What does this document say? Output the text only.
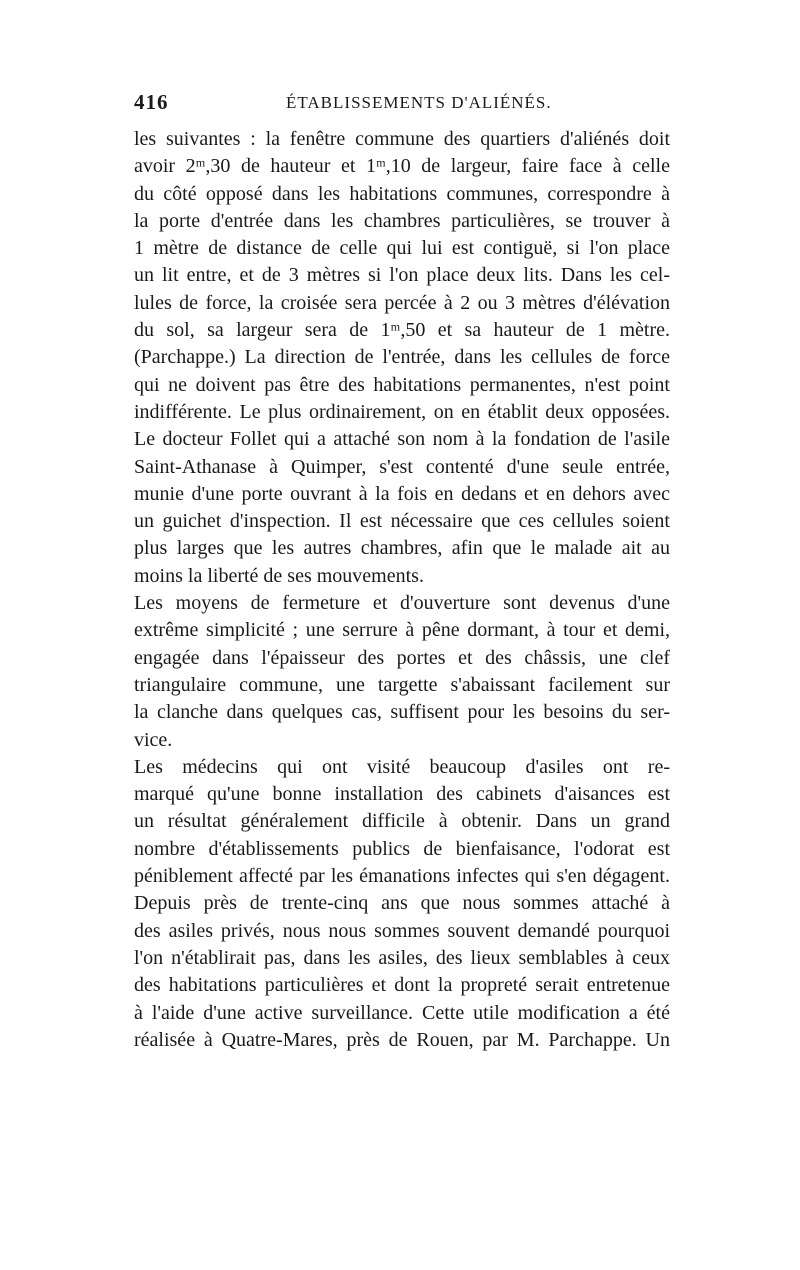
416	ÉTABLISSEMENTS D'ALIÉNÉS.
les suivantes : la fenêtre commune des quartiers d'aliénés doit
avoir 2ᵐ,30 de hauteur et 1ᵐ,10 de largeur, faire face à celle
du côté opposé dans les habitations communes, correspondre à
la porte d'entrée dans les chambres particulières, se trouver à
1 mètre de distance de celle qui lui est contiguë, si l'on place
un lit entre, et de 3 mètres si l'on place deux lits. Dans les cel-
lules de force, la croisée sera percée à 2 ou 3 mètres d'élévation
du sol, sa largeur sera de 1ᵐ,50 et sa hauteur de 1 mètre.
(Parchappe.) La direction de l'entrée, dans les cellules de force
qui ne doivent pas être des habitations permanentes, n'est point
indifférente. Le plus ordinairement, on en établit deux opposées.
Le docteur Follet qui a attaché son nom à la fondation de l'asile
Saint-Athanase à Quimper, s'est contenté d'une seule entrée,
munie d'une porte ouvrant à la fois en dedans et en dehors avec
un guichet d'inspection. Il est nécessaire que ces cellules soient
plus larges que les autres chambres, afin que le malade ait au
moins la liberté de ses mouvements.
Les moyens de fermeture et d'ouverture sont devenus d'une
extrême simplicité ; une serrure à pêne dormant, à tour et demi,
engagée dans l'épaisseur des portes et des châssis, une clef
triangulaire commune, une targette s'abaissant facilement sur
la clanche dans quelques cas, suffisent pour les besoins du ser-
vice.
Les médecins qui ont visité beaucoup d'asiles ont re-
marqué qu'une bonne installation des cabinets d'aisances est
un résultat généralement difficile à obtenir. Dans un grand
nombre d'établissements publics de bienfaisance, l'odorat est
péniblement affecté par les émanations infectes qui s'en dégagent.
Depuis près de trente-cinq ans que nous sommes attaché à
des asiles privés, nous nous sommes souvent demandé pourquoi
l'on n'établirait pas, dans les asiles, des lieux semblables à ceux
des habitations particulières et dont la propreté serait entretenue
à l'aide d'une active surveillance. Cette utile modification a été
réalisée à Quatre-Mares, près de Rouen, par M. Parchappe. Un
